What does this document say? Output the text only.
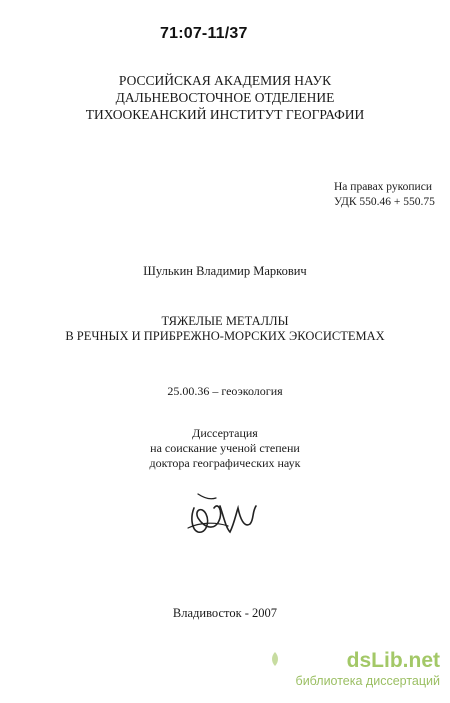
71:07-11/37
РОССИЙСКАЯ АКАДЕМИЯ НАУК
ДАЛЬНЕВОСТОЧНОЕ ОТДЕЛЕНИЕ
ТИХООКЕАНСКИЙ ИНСТИТУТ ГЕОГРАФИИ
На правах рукописи
УДК 550.46 + 550.75
Шулькин Владимир Маркович
ТЯЖЕЛЫЕ МЕТАЛЛЫ
В РЕЧНЫХ И ПРИБРЕЖНО-МОРСКИХ ЭКОСИСТЕМАХ
25.00.36 – геоэкология
Диссертация
на соискание ученой степени
доктора географических наук
Владивосток - 2007
dsLib.net
библиотека диссертаций
